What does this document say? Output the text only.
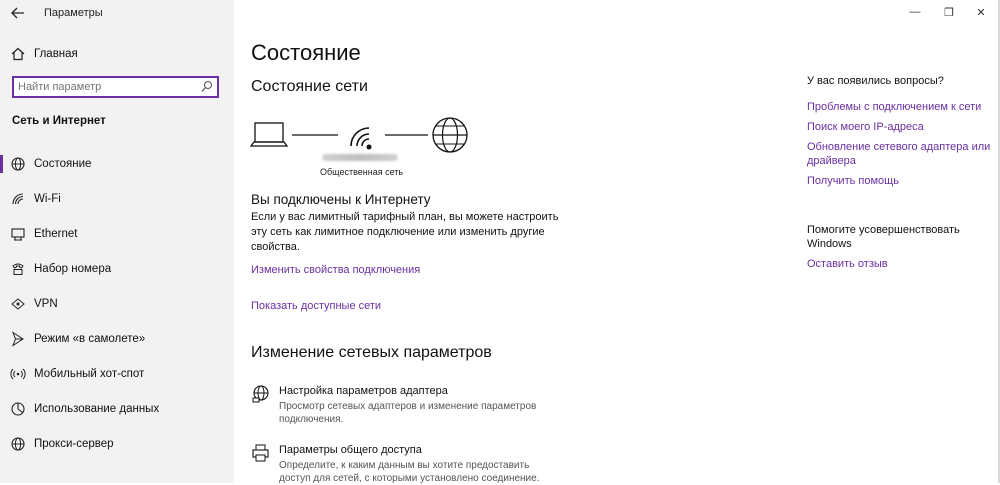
Параметры
Главная
Найти параметр
Сеть и Интернет
Состояние
Wi-Fi
Ethernet
Набор номера
VPN
Режим «в самолете»
Мобильный хот-спот
Использование данных
Прокси-сервер
—	❐	✕
Состояние
Состояние сети
Общественная сеть
Вы подключены к Интернету
Если у вас лимитный тарифный план, вы можете настроить эту сеть как лимитное подключение или изменить другие свойства.
Изменить свойства подключения
Показать доступные сети
Изменение сетевых параметров
Настройка параметров адаптера
Просмотр сетевых адаптеров и изменение параметров подключения.
Параметры общего доступа
Определите, к каким данным вы хотите предоставить доступ для сетей, с которыми установлено соединение.
У вас появились вопросы?
Проблемы с подключением к сети
Поиск моего IP-адреса
Обновление сетевого адаптера или драйвера
Получить помощь
Помогите усовершенствовать Windows
Оставить отзыв
